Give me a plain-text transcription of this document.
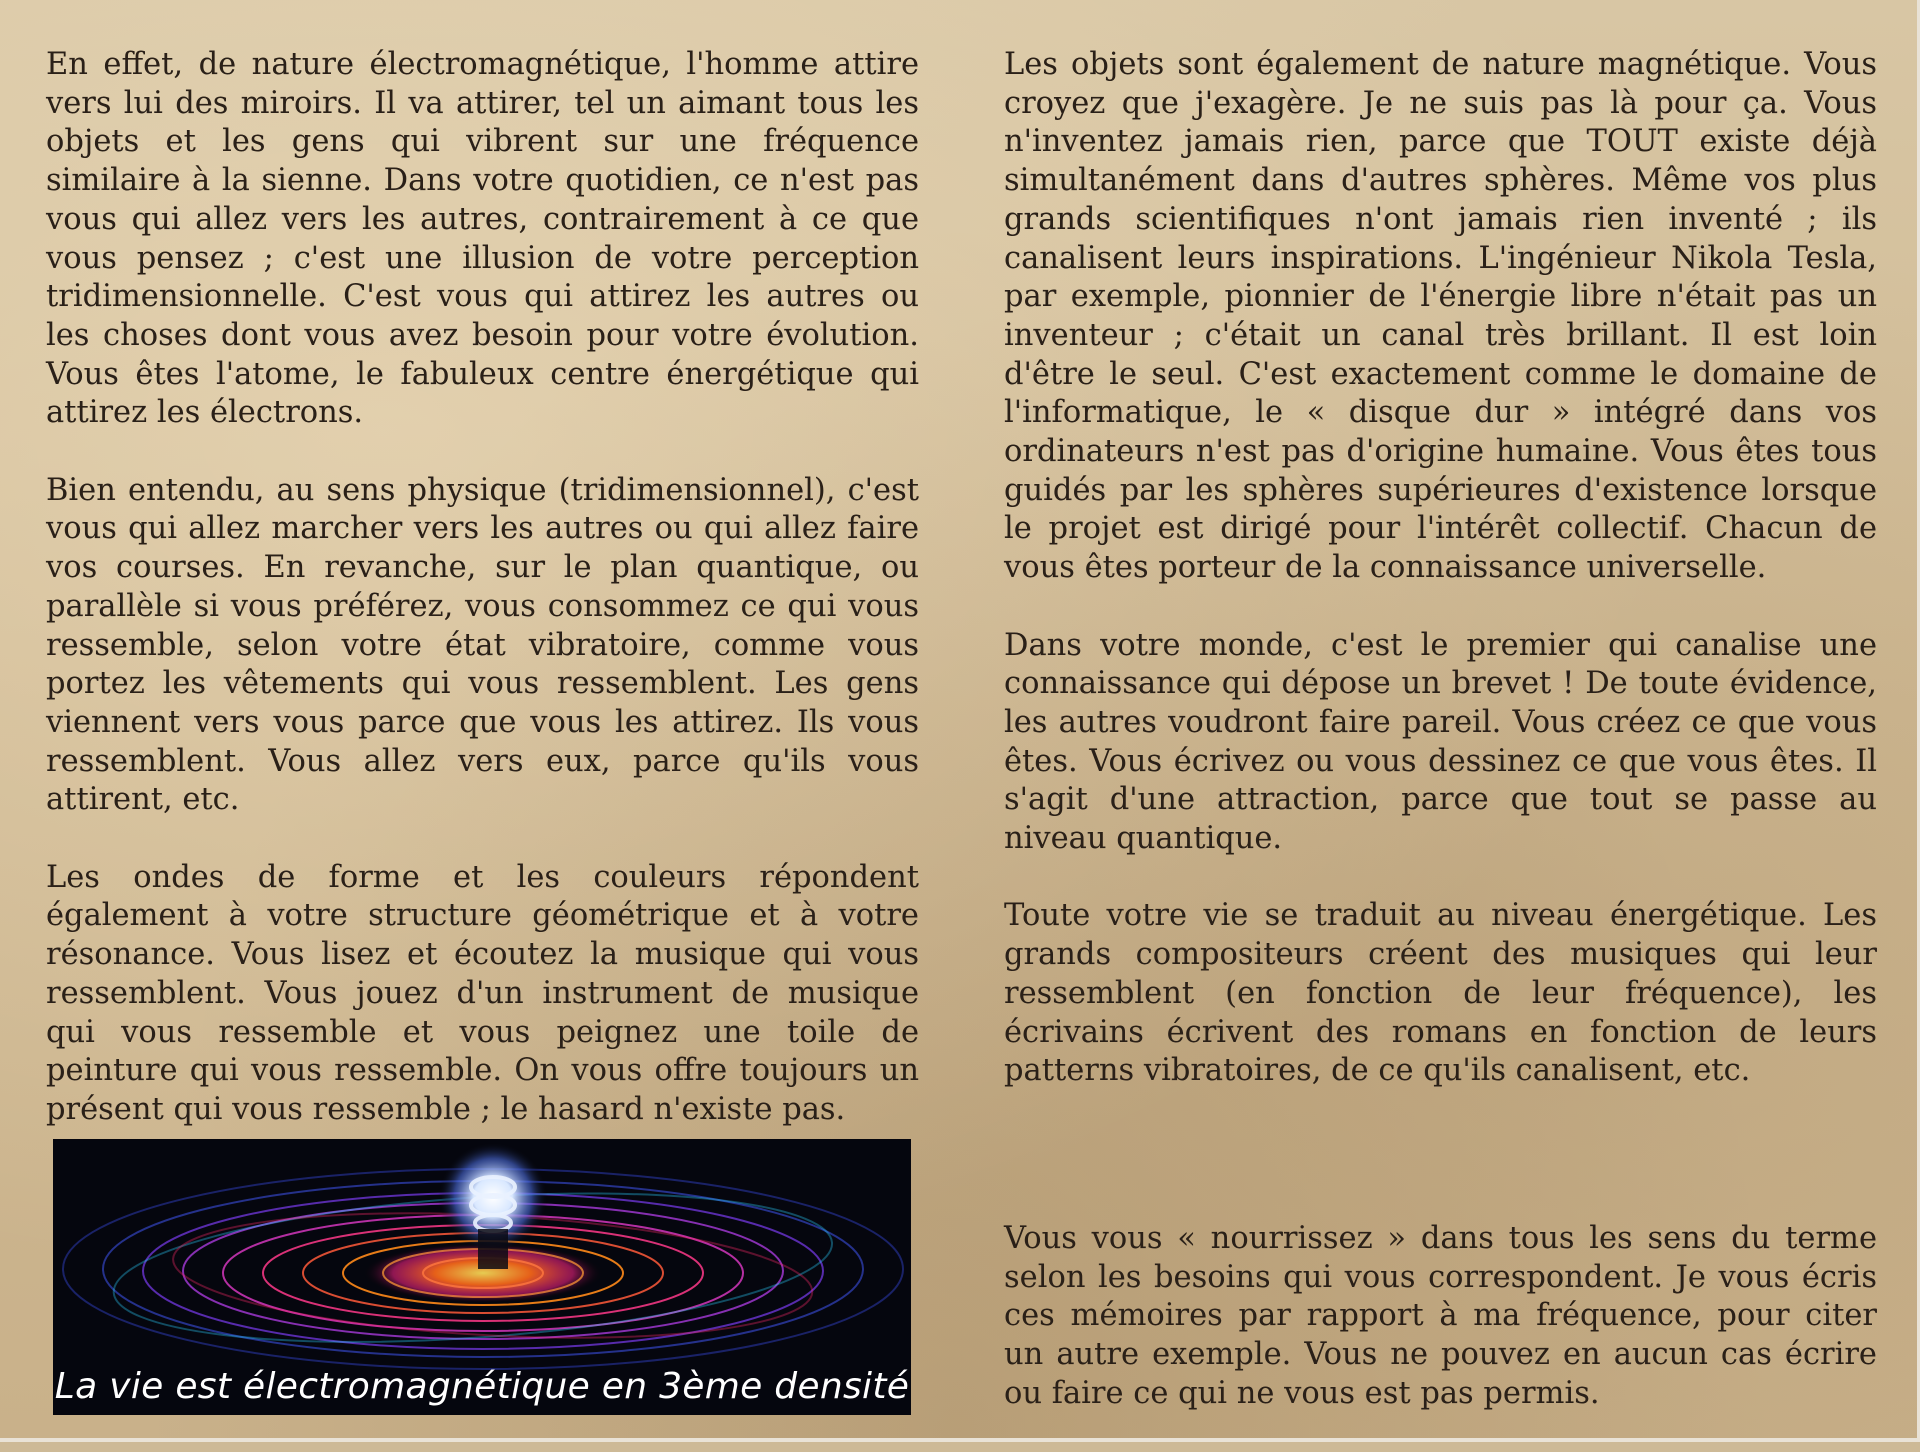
En effet, de nature électromagnétique, l'homme attire vers lui des miroirs. Il va attirer, tel un aimant tous les objets et les gens qui vibrent sur une fréquence similaire à la sienne. Dans votre quotidien, ce n'est pas vous qui allez vers les autres, contrairement à ce que vous pensez ; c'est une illusion de votre perception tridimensionnelle. C'est vous qui attirez les autres ou les choses dont vous avez besoin pour votre évolution. Vous êtes l'atome, le fabuleux centre énergétique qui attirez les électrons.

Bien entendu, au sens physique (tridimensionnel), c'est vous qui allez marcher vers les autres ou qui allez faire vos courses. En revanche, sur le plan quantique, ou parallèle si vous préférez, vous consommez ce qui vous ressemble, selon votre état vibratoire, comme vous portez les vêtements qui vous ressemblent. Les gens viennent vers vous parce que vous les attirez. Ils vous ressemblent. Vous allez vers eux, parce qu'ils vous attirent, etc.

Les ondes de forme et les couleurs répondent également à votre structure géométrique et à votre résonance. Vous lisez et écoutez la musique qui vous ressemblent. Vous jouez d'un instrument de musique qui vous ressemble et vous peignez une toile de peinture qui vous ressemble. On vous offre toujours un présent qui vous ressemble ; le hasard n'existe pas.

Les objets sont également de nature magnétique. Vous croyez que j'exagère. Je ne suis pas là pour ça. Vous n'inventez jamais rien, parce que TOUT existe déjà simultanément dans d'autres sphères. Même vos plus grands scientifiques n'ont jamais rien inventé ; ils canalisent leurs inspirations. L'ingénieur Nikola Tesla, par exemple, pionnier de l'énergie libre n'était pas un inventeur ; c'était un canal très brillant. Il est loin d'être le seul. C'est exactement comme le domaine de l'informatique, le « disque dur » intégré dans vos ordinateurs n'est pas d'origine humaine. Vous êtes tous guidés par les sphères supérieures d'existence lorsque le projet est dirigé pour l'intérêt collectif. Chacun de vous êtes porteur de la connaissance universelle.

Dans votre monde, c'est le premier qui canalise une connaissance qui dépose un brevet ! De toute évidence, les autres voudront faire pareil. Vous créez ce que vous êtes. Vous écrivez ou vous dessinez ce que vous êtes. Il s'agit d'une attraction, parce que tout se passe au niveau quantique.

Toute votre vie se traduit au niveau énergétique. Les grands compositeurs créent des musiques qui leur ressemblent (en fonction de leur fréquence), les écrivains écrivent des romans en fonction de leurs patterns vibratoires, de ce qu'ils canalisent, etc.

Vous vous « nourrissez » dans tous les sens du terme selon les besoins qui vous correspondent. Je vous écris ces mémoires par rapport à ma fréquence, pour citer un autre exemple. Vous ne pouvez en aucun cas écrire ou faire ce qui ne vous est pas permis.

La vie est électromagnétique en 3ème densité
